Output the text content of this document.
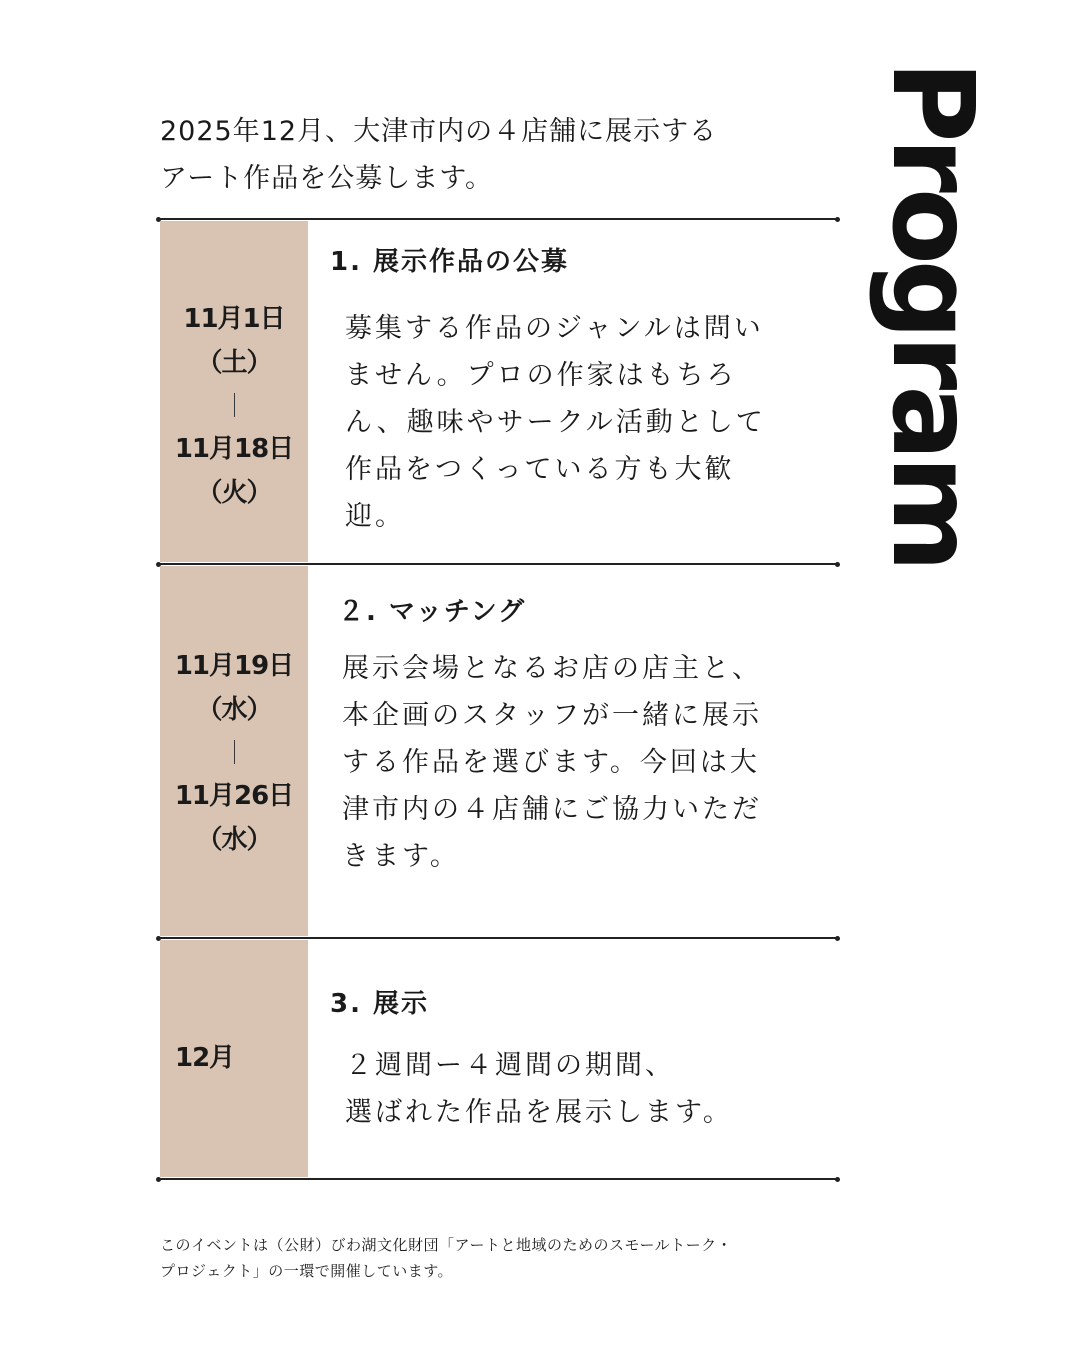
2025年12月、大津市内の４店舗に展示する
アート作品を公募します。	Program
11月1日
（土）
｜
11月18日
（火）
1. 展示作品の公募

募集する作品のジャンルは問い
ません。プロの作家はもちろ
ん、趣味やサークル活動として
作品をつくっている方も大歓
迎。

11月19日
（水）
｜
11月26日
（水）
２. マッチング

展示会場となるお店の店主と、
本企画のスタッフが一緒に展示
する作品を選びます。今回は大
津市内の４店舗にご協力いただ
きます。

12月
3. 展示

２週間ー４週間の期間、
選ばれた作品を展示します。

このイベントは（公財）びわ湖文化財団「アートと地域のためのスモールトーク・
プロジェクト」の一環で開催しています。
